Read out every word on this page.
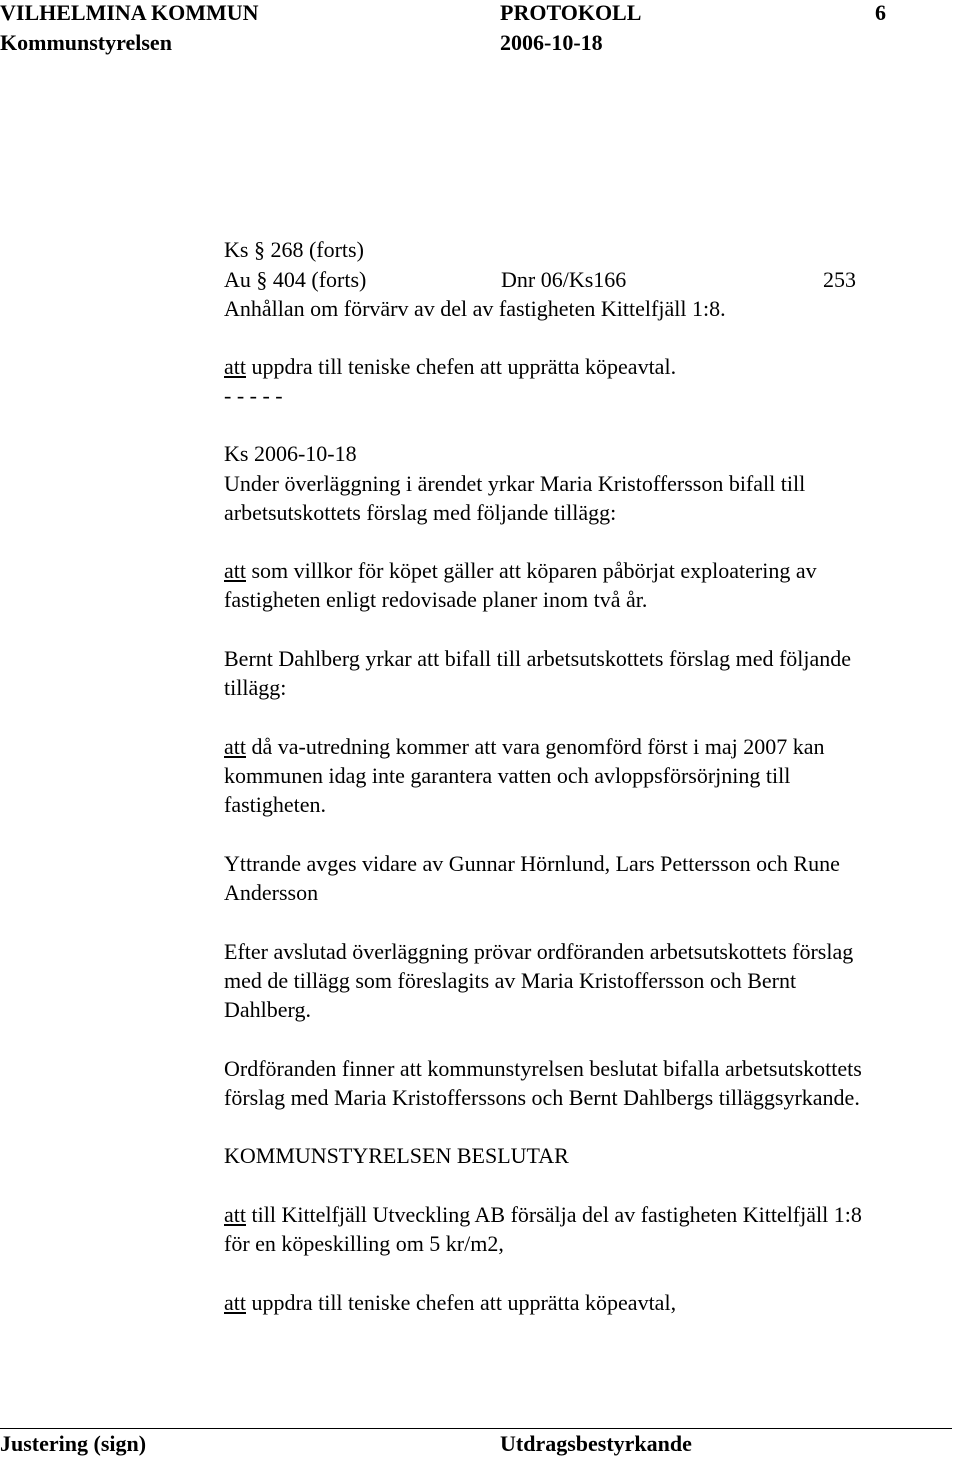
VILHELMINA KOMMUN	PROTOKOLL	6
Kommunstyrelsen	2006-10-18
Ks § 268 (forts)
Au § 404 (forts)	Dnr 06/Ks166	253
Anhållan om förvärv av del av fastigheten Kittelfjäll 1:8.
att uppdra till teniske chefen att upprätta köpeavtal.
- - - - -
Ks 2006-10-18
Under överläggning i ärendet yrkar Maria Kristoffersson bifall till
arbetsutskottets förslag med följande tillägg:
att som villkor för köpet gäller att köparen påbörjat exploatering av
fastigheten enligt redovisade planer inom två år.
Bernt Dahlberg yrkar att bifall till arbetsutskottets förslag med följande
tillägg:
att då va-utredning kommer att vara genomförd först i maj 2007 kan
kommunen idag inte garantera vatten och avloppsförsörjning till
fastigheten.
Yttrande avges vidare av Gunnar Hörnlund, Lars Pettersson och Rune
Andersson
Efter avslutad överläggning prövar ordföranden arbetsutskottets förslag
med de tillägg som föreslagits av Maria Kristoffersson och Bernt
Dahlberg.
Ordföranden finner att kommunstyrelsen beslutat bifalla arbetsutskottets
förslag med Maria Kristofferssons och Bernt Dahlbergs tilläggsyrkande.
KOMMUNSTYRELSEN BESLUTAR
att till Kittelfjäll Utveckling AB försälja del av fastigheten Kittelfjäll 1:8
för en köpeskilling om 5 kr/m2,
att uppdra till teniske chefen att upprätta köpeavtal,
Justering (sign)	Utdragsbestyrkande
